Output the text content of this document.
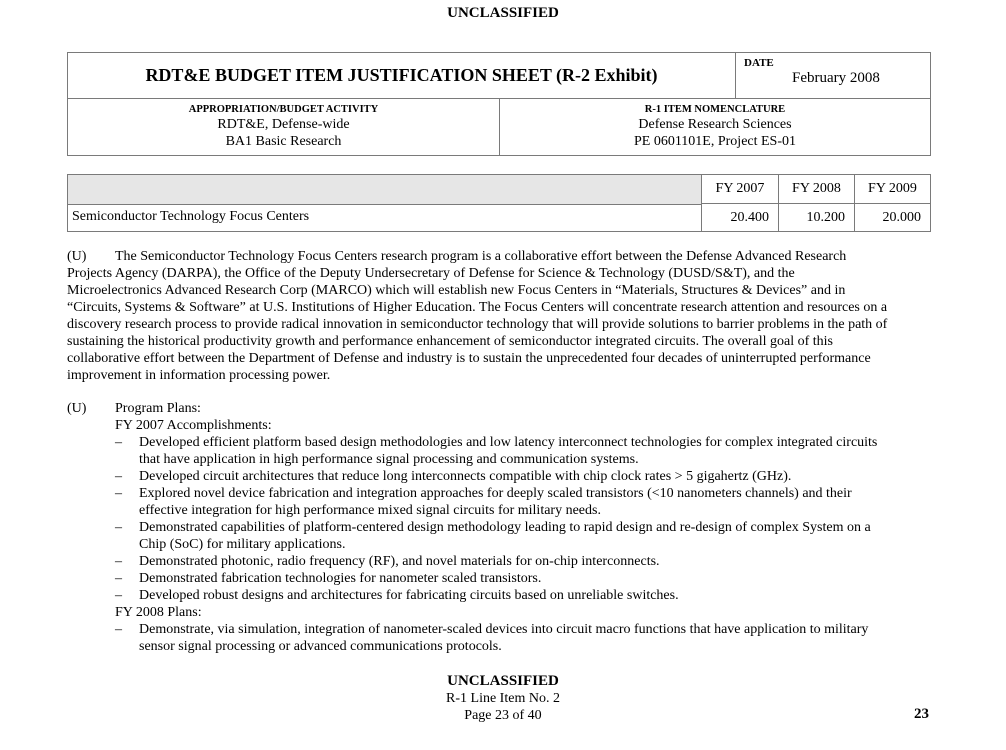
UNCLASSIFIED
RDT&E BUDGET ITEM JUSTIFICATION SHEET (R-2 Exhibit)
DATE
February 2008
APPROPRIATION/BUDGET ACTIVITY
RDT&E, Defense-wide
BA1 Basic Research
R-1 ITEM NOMENCLATURE
Defense Research Sciences
PE 0601101E, Project ES-01
FY 2007	FY 2008	FY 2009
Semiconductor Technology Focus Centers	20.400	10.200	20.000
(U) The Semiconductor Technology Focus Centers research program is a collaborative effort between the Defense Advanced Research
Projects Agency (DARPA), the Office of the Deputy Undersecretary of Defense for Science & Technology (DUSD/S&T), and the
Microelectronics Advanced Research Corp (MARCO) which will establish new Focus Centers in “Materials, Structures & Devices” and in
“Circuits, Systems & Software” at U.S. Institutions of Higher Education. The Focus Centers will concentrate research attention and resources on a
discovery research process to provide radical innovation in semiconductor technology that will provide solutions to barrier problems in the path of
sustaining the historical productivity growth and performance enhancement of semiconductor integrated circuits. The overall goal of this
collaborative effort between the Department of Defense and industry is to sustain the unprecedented four decades of uninterrupted performance
improvement in information processing power.
(U) Program Plans:
FY 2007 Accomplishments:
– Developed efficient platform based design methodologies and low latency interconnect technologies for complex integrated circuits
that have application in high performance signal processing and communication systems.
– Developed circuit architectures that reduce long interconnects compatible with chip clock rates > 5 gigahertz (GHz).
– Explored novel device fabrication and integration approaches for deeply scaled transistors (<10 nanometers channels) and their
effective integration for high performance mixed signal circuits for military needs.
– Demonstrated capabilities of platform-centered design methodology leading to rapid design and re-design of complex System on a
Chip (SoC) for military applications.
– Demonstrated photonic, radio frequency (RF), and novel materials for on-chip interconnects.
– Demonstrated fabrication technologies for nanometer scaled transistors.
– Developed robust designs and architectures for fabricating circuits based on unreliable switches.
FY 2008 Plans:
– Demonstrate, via simulation, integration of nanometer-scaled devices into circuit macro functions that have application to military
sensor signal processing or advanced communications protocols.
UNCLASSIFIED
R-1 Line Item No. 2
Page 23 of 40	23
